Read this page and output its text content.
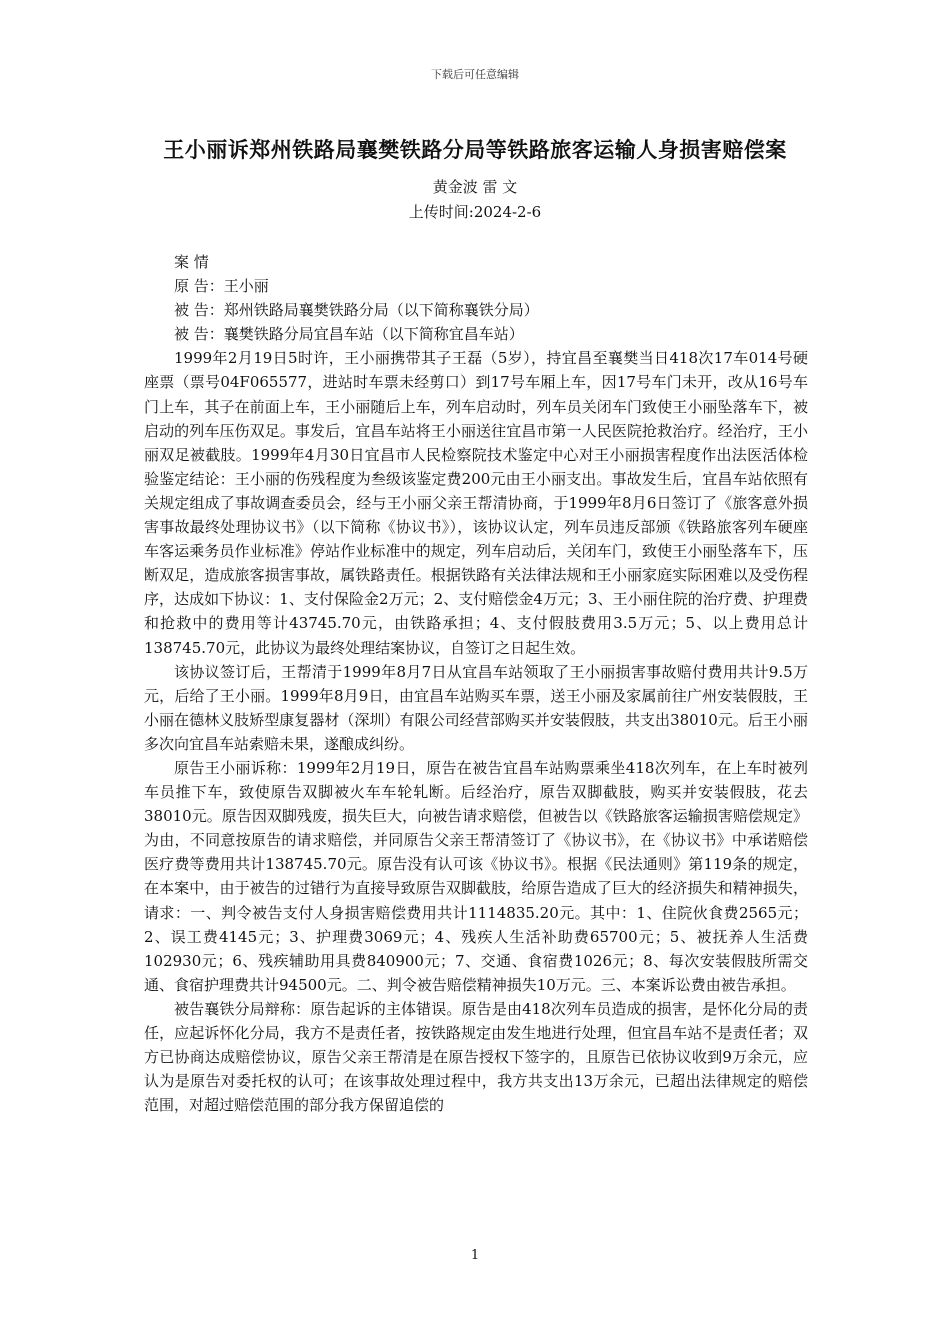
下载后可任意编辑
王小丽诉郑州铁路局襄樊铁路分局等铁路旅客运输人身损害赔偿案
黄金波 雷 文
上传时间:2024-2-6

案 情

原 告：王小丽

被 告：郑州铁路局襄樊铁路分局（以下简称襄铁分局）

被 告：襄樊铁路分局宜昌车站（以下简称宜昌车站）

1999年2月19日5时许，王小丽携带其子王磊（5岁），持宜昌至襄樊当日418次17车014号硬座票（票号04F065577，进站时车票未经剪口）到17号车厢上车，因17号车门未开，改从16号车门上车，其子在前面上车，王小丽随后上车，列车启动时，列车员关闭车门致使王小丽坠落车下，被启动的列车压伤双足。事发后，宜昌车站将王小丽送往宜昌市第一人民医院抢救治疗。经治疗，王小丽双足被截肢。1999年4月30日宜昌市人民检察院技术鉴定中心对王小丽损害程度作出法医活体检验鉴定结论：王小丽的伤残程度为叁级该鉴定费200元由王小丽支出。事故发生后，宜昌车站依照有关规定组成了事故调查委员会，经与王小丽父亲王帮清协商，于1999年8月6日签订了《旅客意外损害事故最终处理协议书》（以下简称《协议书》），该协议认定，列车员违反部颁《铁路旅客列车硬座车客运乘务员作业标准》停站作业标准中的规定，列车启动后，关闭车门，致使王小丽坠落车下，压断双足，造成旅客损害事故，属铁路责任。根据铁路有关法律法规和王小丽家庭实际困难以及受伤程序，达成如下协议：1、支付保险金2万元；2、支付赔偿金4万元；3、王小丽住院的治疗费、护理费和抢救中的费用等计43745.70元，由铁路承担；4、支付假肢费用3.5万元；5、以上费用总计138745.70元，此协议为最终处理结案协议，自签订之日起生效。

该协议签订后，王帮清于1999年8月7日从宜昌车站领取了王小丽损害事故赔付费用共计9.5万元，后给了王小丽。1999年8月9日，由宜昌车站购买车票，送王小丽及家属前往广州安装假肢，王小丽在德林义肢矫型康复器材（深圳）有限公司经营部购买并安装假肢，共支出38010元。后王小丽多次向宜昌车站索赔未果，遂酿成纠纷。

原告王小丽诉称：1999年2月19日，原告在被告宜昌车站购票乘坐418次列车，在上车时被列车员推下车，致使原告双脚被火车车轮轧断。后经治疗，原告双脚截肢，购买并安装假肢，花去38010元。原告因双脚残废，损失巨大，向被告请求赔偿，但被告以《铁路旅客运输损害赔偿规定》为由，不同意按原告的请求赔偿，并同原告父亲王帮清签订了《协议书》，在《协议书》中承诺赔偿医疗费等费用共计138745.70元。原告没有认可该《协议书》。根据《民法通则》第119条的规定，在本案中，由于被告的过错行为直接导致原告双脚截肢，给原告造成了巨大的经济损失和精神损失，请求：一、判令被告支付人身损害赔偿费用共计1114835.20元。其中：1、住院伙食费2565元；2、误工费4145元；3、护理费3069元；4、残疾人生活补助费65700元；5、被抚养人生活费102930元；6、残疾辅助用具费840900元；7、交通、食宿费1026元；8、每次安装假肢所需交通、食宿护理费共计94500元。二、判令被告赔偿精神损失10万元。三、本案诉讼费由被告承担。

被告襄铁分局辩称：原告起诉的主体错误。原告是由418次列车员造成的损害，是怀化分局的责任，应起诉怀化分局，我方不是责任者，按铁路规定由发生地进行处理，但宜昌车站不是责任者；双方已协商达成赔偿协议，原告父亲王帮清是在原告授权下签字的，且原告已依协议收到9万余元，应认为是原告对委托权的认可；在该事故处理过程中，我方共支出13万余元，已超出法律规定的赔偿范围，对超过赔偿范围的部分我方保留追偿的

1
